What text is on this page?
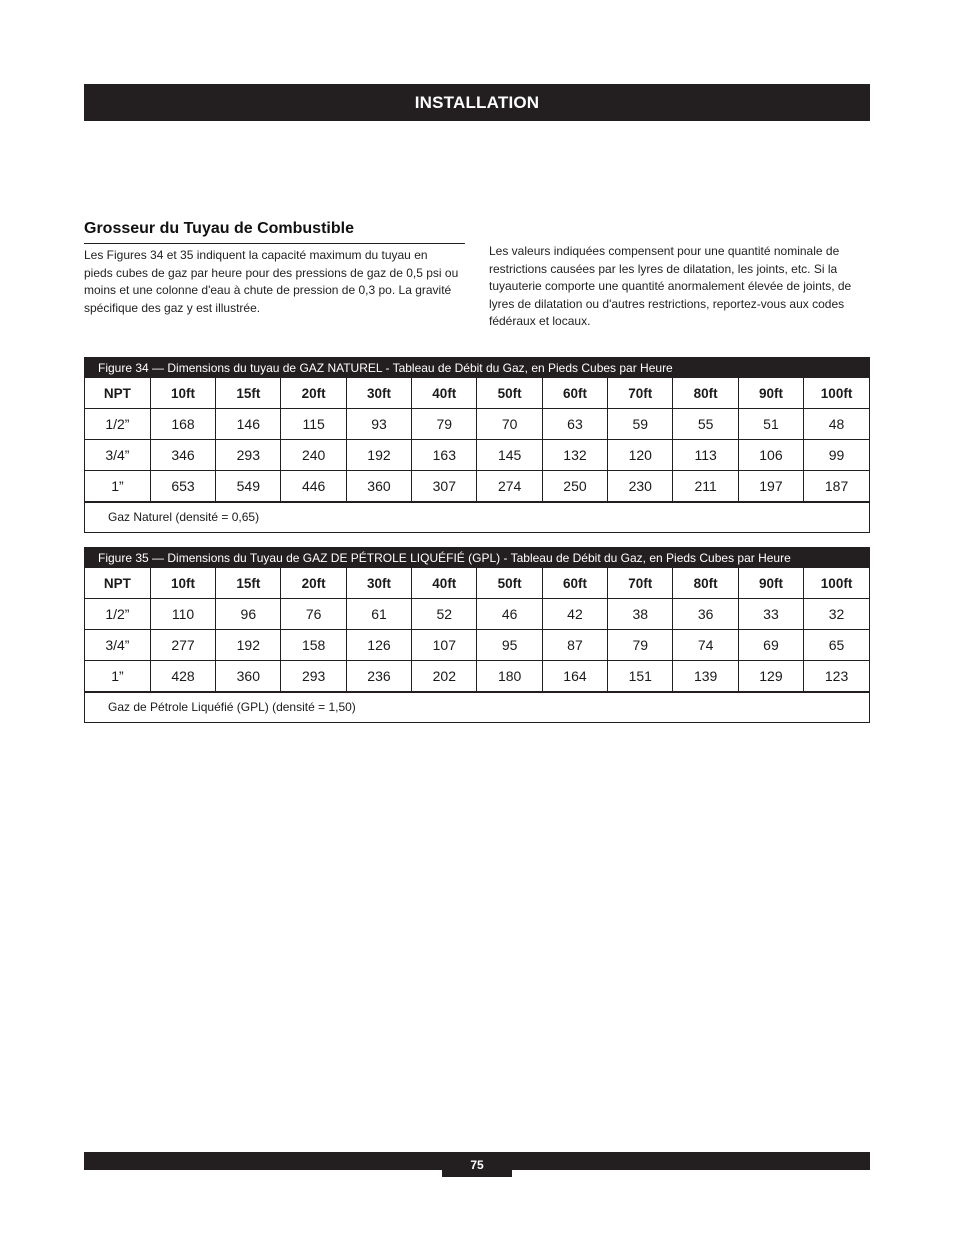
INSTALLATION
Grosseur du Tuyau de Combustible
Les Figures 34 et 35 indiquent la capacité maximum du tuyau en pieds cubes de gaz par heure pour des pressions de gaz de 0,5 psi ou moins et une colonne d'eau à chute de pression de 0,3 po. La gravité spécifique des gaz y est illustrée.
Les valeurs indiquées compensent pour une quantité nominale de restrictions causées par les lyres de dilatation, les joints, etc. Si la tuyauterie comporte une quantité anormalement élevée de joints, de lyres de dilatation ou d'autres restrictions, reportez-vous aux codes fédéraux et locaux.
Figure 34 — Dimensions du tuyau de GAZ NATUREL - Tableau de Débit du Gaz, en Pieds Cubes par Heure
NPT	10ft	15ft	20ft	30ft	40ft	50ft	60ft	70ft	80ft	90ft	100ft
1/2”	168	146	115	93	79	70	63	59	55	51	48
3/4”	346	293	240	192	163	145	132	120	113	106	99
1”	653	549	446	360	307	274	250	230	211	197	187
Gaz Naturel (densité = 0,65)
Figure 35 — Dimensions du Tuyau de GAZ DE PÉTROLE LIQUÉFIÉ (GPL) - Tableau de Débit du Gaz, en Pieds Cubes par Heure
NPT	10ft	15ft	20ft	30ft	40ft	50ft	60ft	70ft	80ft	90ft	100ft
1/2”	110	96	76	61	52	46	42	38	36	33	32
3/4”	277	192	158	126	107	95	87	79	74	69	65
1”	428	360	293	236	202	180	164	151	139	129	123
Gaz de Pétrole Liquéfié (GPL) (densité = 1,50)
75
